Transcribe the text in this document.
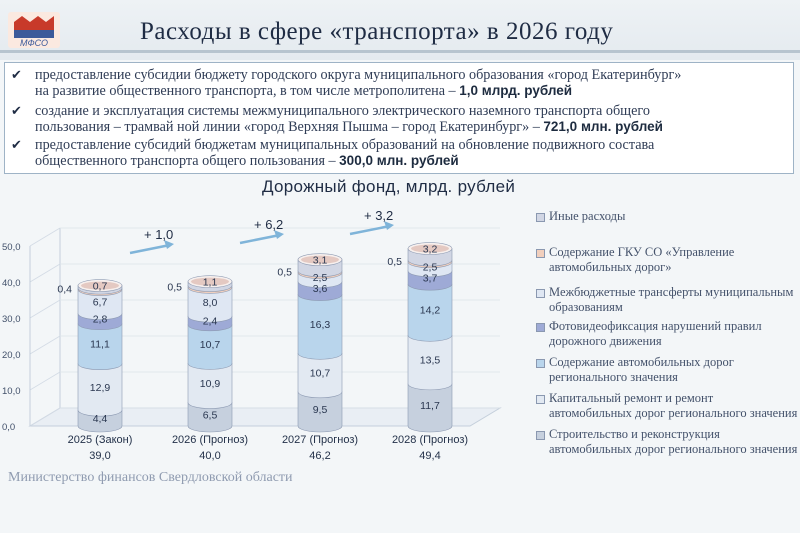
МФСО	Расходы в сфере «транспорта» в 2026 году
✔ предоставление субсидии бюджету городского округа муниципального образования «город Екатеринбург»
на развитие общественного транспорта, в том числе метрополитена – 1,0 млрд. рублей
✔ создание и эксплуатация системы межмуниципального электрического наземного транспорта общего
пользования – трамвай ной линии «город Верхняя Пышма – город Екатеринбург» – 721,0 млн. рублей
✔ предоставление субсидий бюджетам муниципальных образований на обновление подвижного состава
общественного транспорта общего пользования – 300,0 млн. рублей
Дорожный фонд, млрд. рублей
0,0
10,0
20,0
30,0
40,0
50,0
4,4
12,9
11,1
2,8
6,7
0,4 0,7
2025 (Закон)
39,0
6,5
10,9
10,7
2,4
8,0
0,5 1,1
2026 (Прогноз)
40,0
9,5
10,7
16,3
3,6
2,5
0,5
3,1
2027 (Прогноз)
46,2
11,7
13,5
14,2
3,7
2,5
0,5
3,2
2028 (Прогноз)
49,4
+ 1,0
+ 6,2
+ 3,2	Иные расходы
Содержание ГКУ СО «Управление автомобильных дорог»
Межбюджетные трансферты муниципальным образованиям
Фотовидеофиксация нарушений правил дорожного движения
Содержание автомобильных дорог регионального значения
Капитальный ремонт и ремонт автомобильных дорог регионального значения
Строительство и реконструкция автомобильных дорог регионального значения
Министерство финансов Свердловской области
